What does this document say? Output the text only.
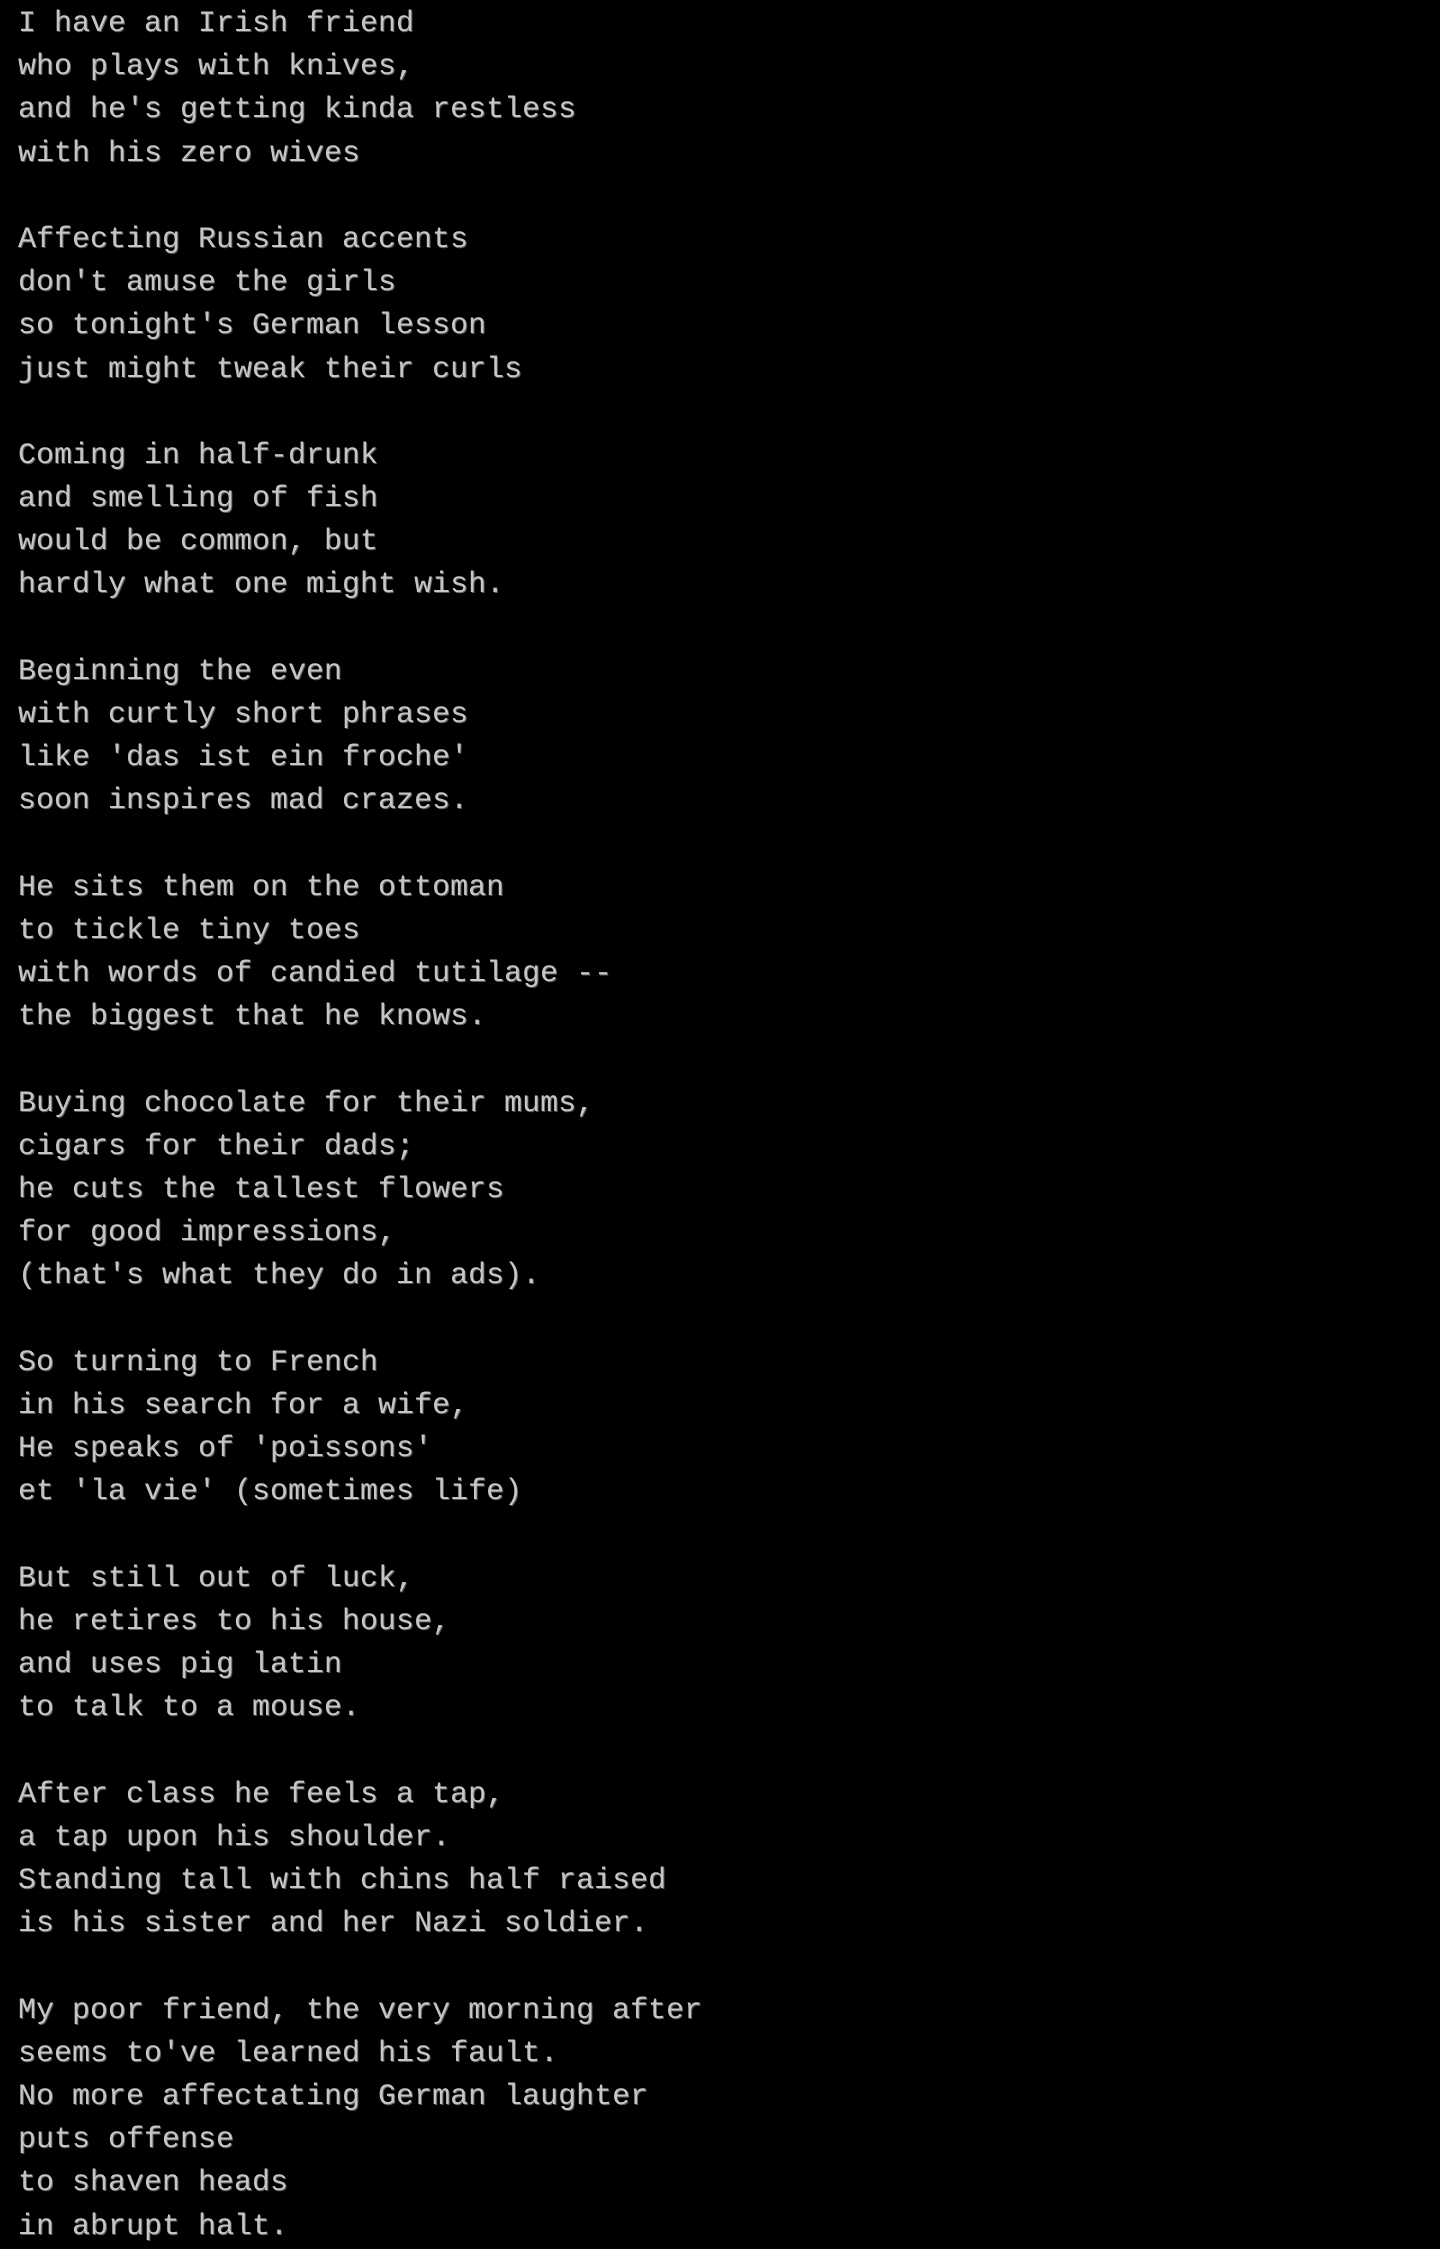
I have an Irish friend
who plays with knives,
and he's getting kinda restless
with his zero wives
Affecting Russian accents
don't amuse the girls
so tonight's German lesson
just might tweak their curls
Coming in half-drunk
and smelling of fish
would be common, but
hardly what one might wish.
Beginning the even
with curtly short phrases
like 'das ist ein froche'
soon inspires mad crazes.
He sits them on the ottoman
to tickle tiny toes
with words of candied tutilage --
the biggest that he knows.
Buying chocolate for their mums,
cigars for their dads;
he cuts the tallest flowers
for good impressions,
(that's what they do in ads).
So turning to French
in his search for a wife,
He speaks of 'poissons'
et 'la vie' (sometimes life)
But still out of luck,
he retires to his house,
and uses pig latin
to talk to a mouse.
After class he feels a tap,
a tap upon his shoulder.
Standing tall with chins half raised
is his sister and her Nazi soldier.
My poor friend, the very morning after
seems to've learned his fault.
No more affectating German laughter
puts offense
to shaven heads
in abrupt halt.
